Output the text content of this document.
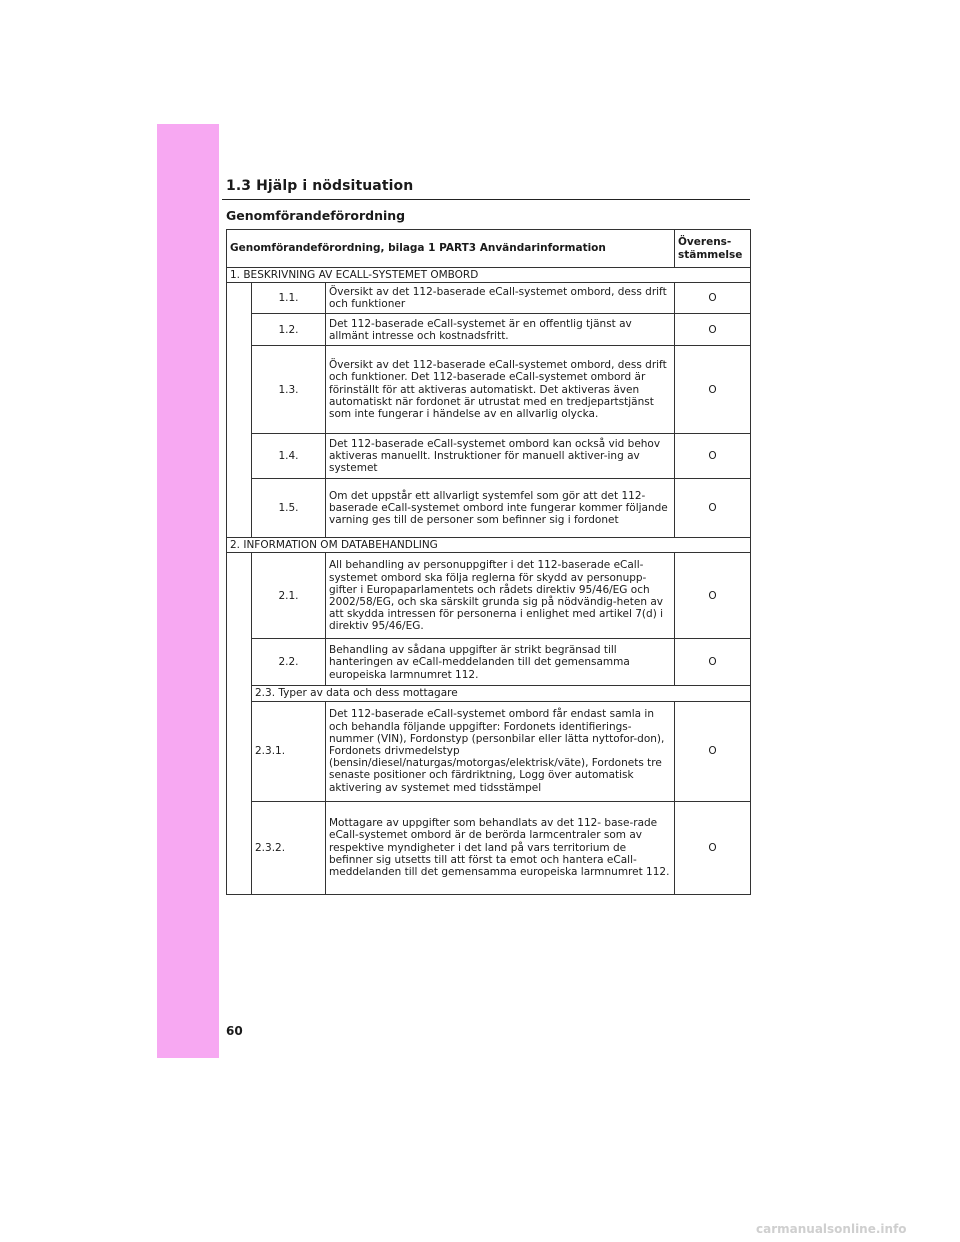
1.3 Hjälp i nödsituation
Genomförandeförordning
Genomförandeförordning, bilaga 1 PART3 Användarinformation			Överens-
stämmelse
1. BESKRIVNING AV ECALL-SYSTEMET OMBORD			
	1.1.	Översikt av det 112-baserade eCall-systemet ombord, dess drift och funktioner	O
	1.2.	Det 112-baserade eCall-systemet är en offentlig tjänst av allmänt intresse och kostnadsfritt.	O
	1.3.	Översikt av det 112-baserade eCall-systemet ombord, dess drift och funktioner. Det 112-baserade eCall-systemet ombord är förinställt för att aktiveras automatiskt. Det aktiveras även automatiskt när fordonet är utrustat med en tredjepartstjänst som inte fungerar i händelse av en allvarlig olycka.	O
	1.4.	Det 112-baserade eCall-systemet ombord kan också vid behov aktiveras manuellt. Instruktioner för manuell aktiver-ing av systemet	O
	1.5.	Om det uppstår ett allvarligt systemfel som gör att det 112-baserade eCall-systemet ombord inte fungerar kommer följande varning ges till de personer som befinner sig i fordonet	O
2. INFORMATION OM DATABEHANDLING			
	2.1.	All behandling av personuppgifter i det 112-baserade eCall-systemet ombord ska följa reglerna för skydd av personupp-gifter i Europaparlamentets och rådets direktiv 95/46/EG och 2002/58/EG, och ska särskilt grunda sig på nödvändig-heten av att skydda intressen för personerna i enlighet med artikel 7(d) i direktiv 95/46/EG.	O
	2.2.	Behandling av sådana uppgifter är strikt begränsad till hanteringen av eCall-meddelanden till det gemensamma europeiska larmnumret 112.	O
	2.3. Typer av data och dess mottagare		
	2.3.1.	Det 112-baserade eCall-systemet ombord får endast samla in och behandla följande uppgifter: Fordonets identifierings-nummer (VIN), Fordonstyp (personbilar eller lätta nyttofor-don), Fordonets drivmedelstyp (bensin/diesel/naturgas/motorgas/elektrisk/väte), Fordonets tre senaste positioner och färdriktning, Logg över automatisk aktivering av systemet med tidsstämpel	O
	2.3.2.	Mottagare av uppgifter som behandlats av det 112- base-rade eCall-systemet ombord är de berörda larmcentraler som av respektive myndigheter i det land på vars territorium de befinner sig utsetts till att först ta emot och hantera eCall-meddelanden till det gemensamma europeiska larmnumret 112.	O
60
carmanualsonline.info
